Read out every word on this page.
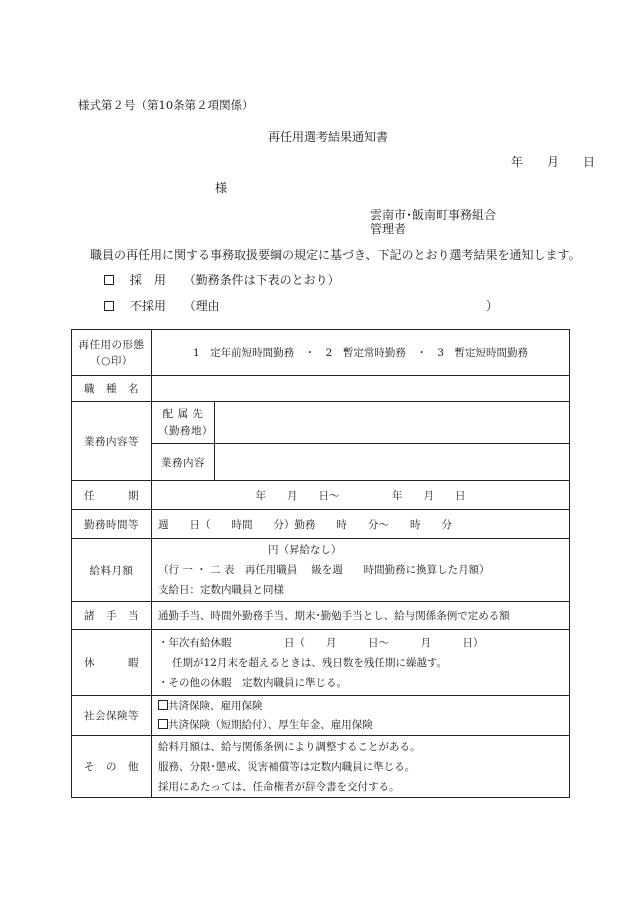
様式第２号（第10条第２項関係）
再任用選考結果通知書
年　　月　　日
様
雲南市･飯南町事務組合
管理者
職員の再任用に関する事務取扱要綱の規定に基づき、下記のとおり選考結果を通知します。
採　用 （勤務条件は下表のとおり）
不採用 （理由	）
再任用の形態
（○印）	1　定年前短時間勤務　・　2　暫定常時勤務　・　3　暫定短時間勤務	
職　種　名		
業務内容等	配 属 先
（勤務地）	

	業務内容	
任　　　期	年　　月　　日～　　　　　年　　月　　日	
勤務時間等	週　　日（　　時間　　分）勤務　　時　　分～　　時　　分	
給料月額	円（昇給なし）
（行 一 ・ 二 表　再任用職員　 級を週　　時間勤務に換算した月額）
支給日：定数内職員と同様	

諸　手　当	通勤手当、時間外勤務手当、期末･勤勉手当とし、給与関係条例で定める額	
休　　　暇	・年次有給休暇　　　　　日（　　月　　　日～　　　月　　　日）
任期が12月末を超えるときは、残日数を残任期に繰越す。
・その他の休暇　定数内職員に準じる。	

社会保険等	共済保険、雇用保険
共済保険（短期給付）、厚生年金、雇用保険	

そ　の　他	給料月額は、給与関係条例により調整することがある。
服務、分限･懲戒、災害補償等は定数内職員に準じる。
採用にあたっては、任命権者が辞令書を交付する。	
